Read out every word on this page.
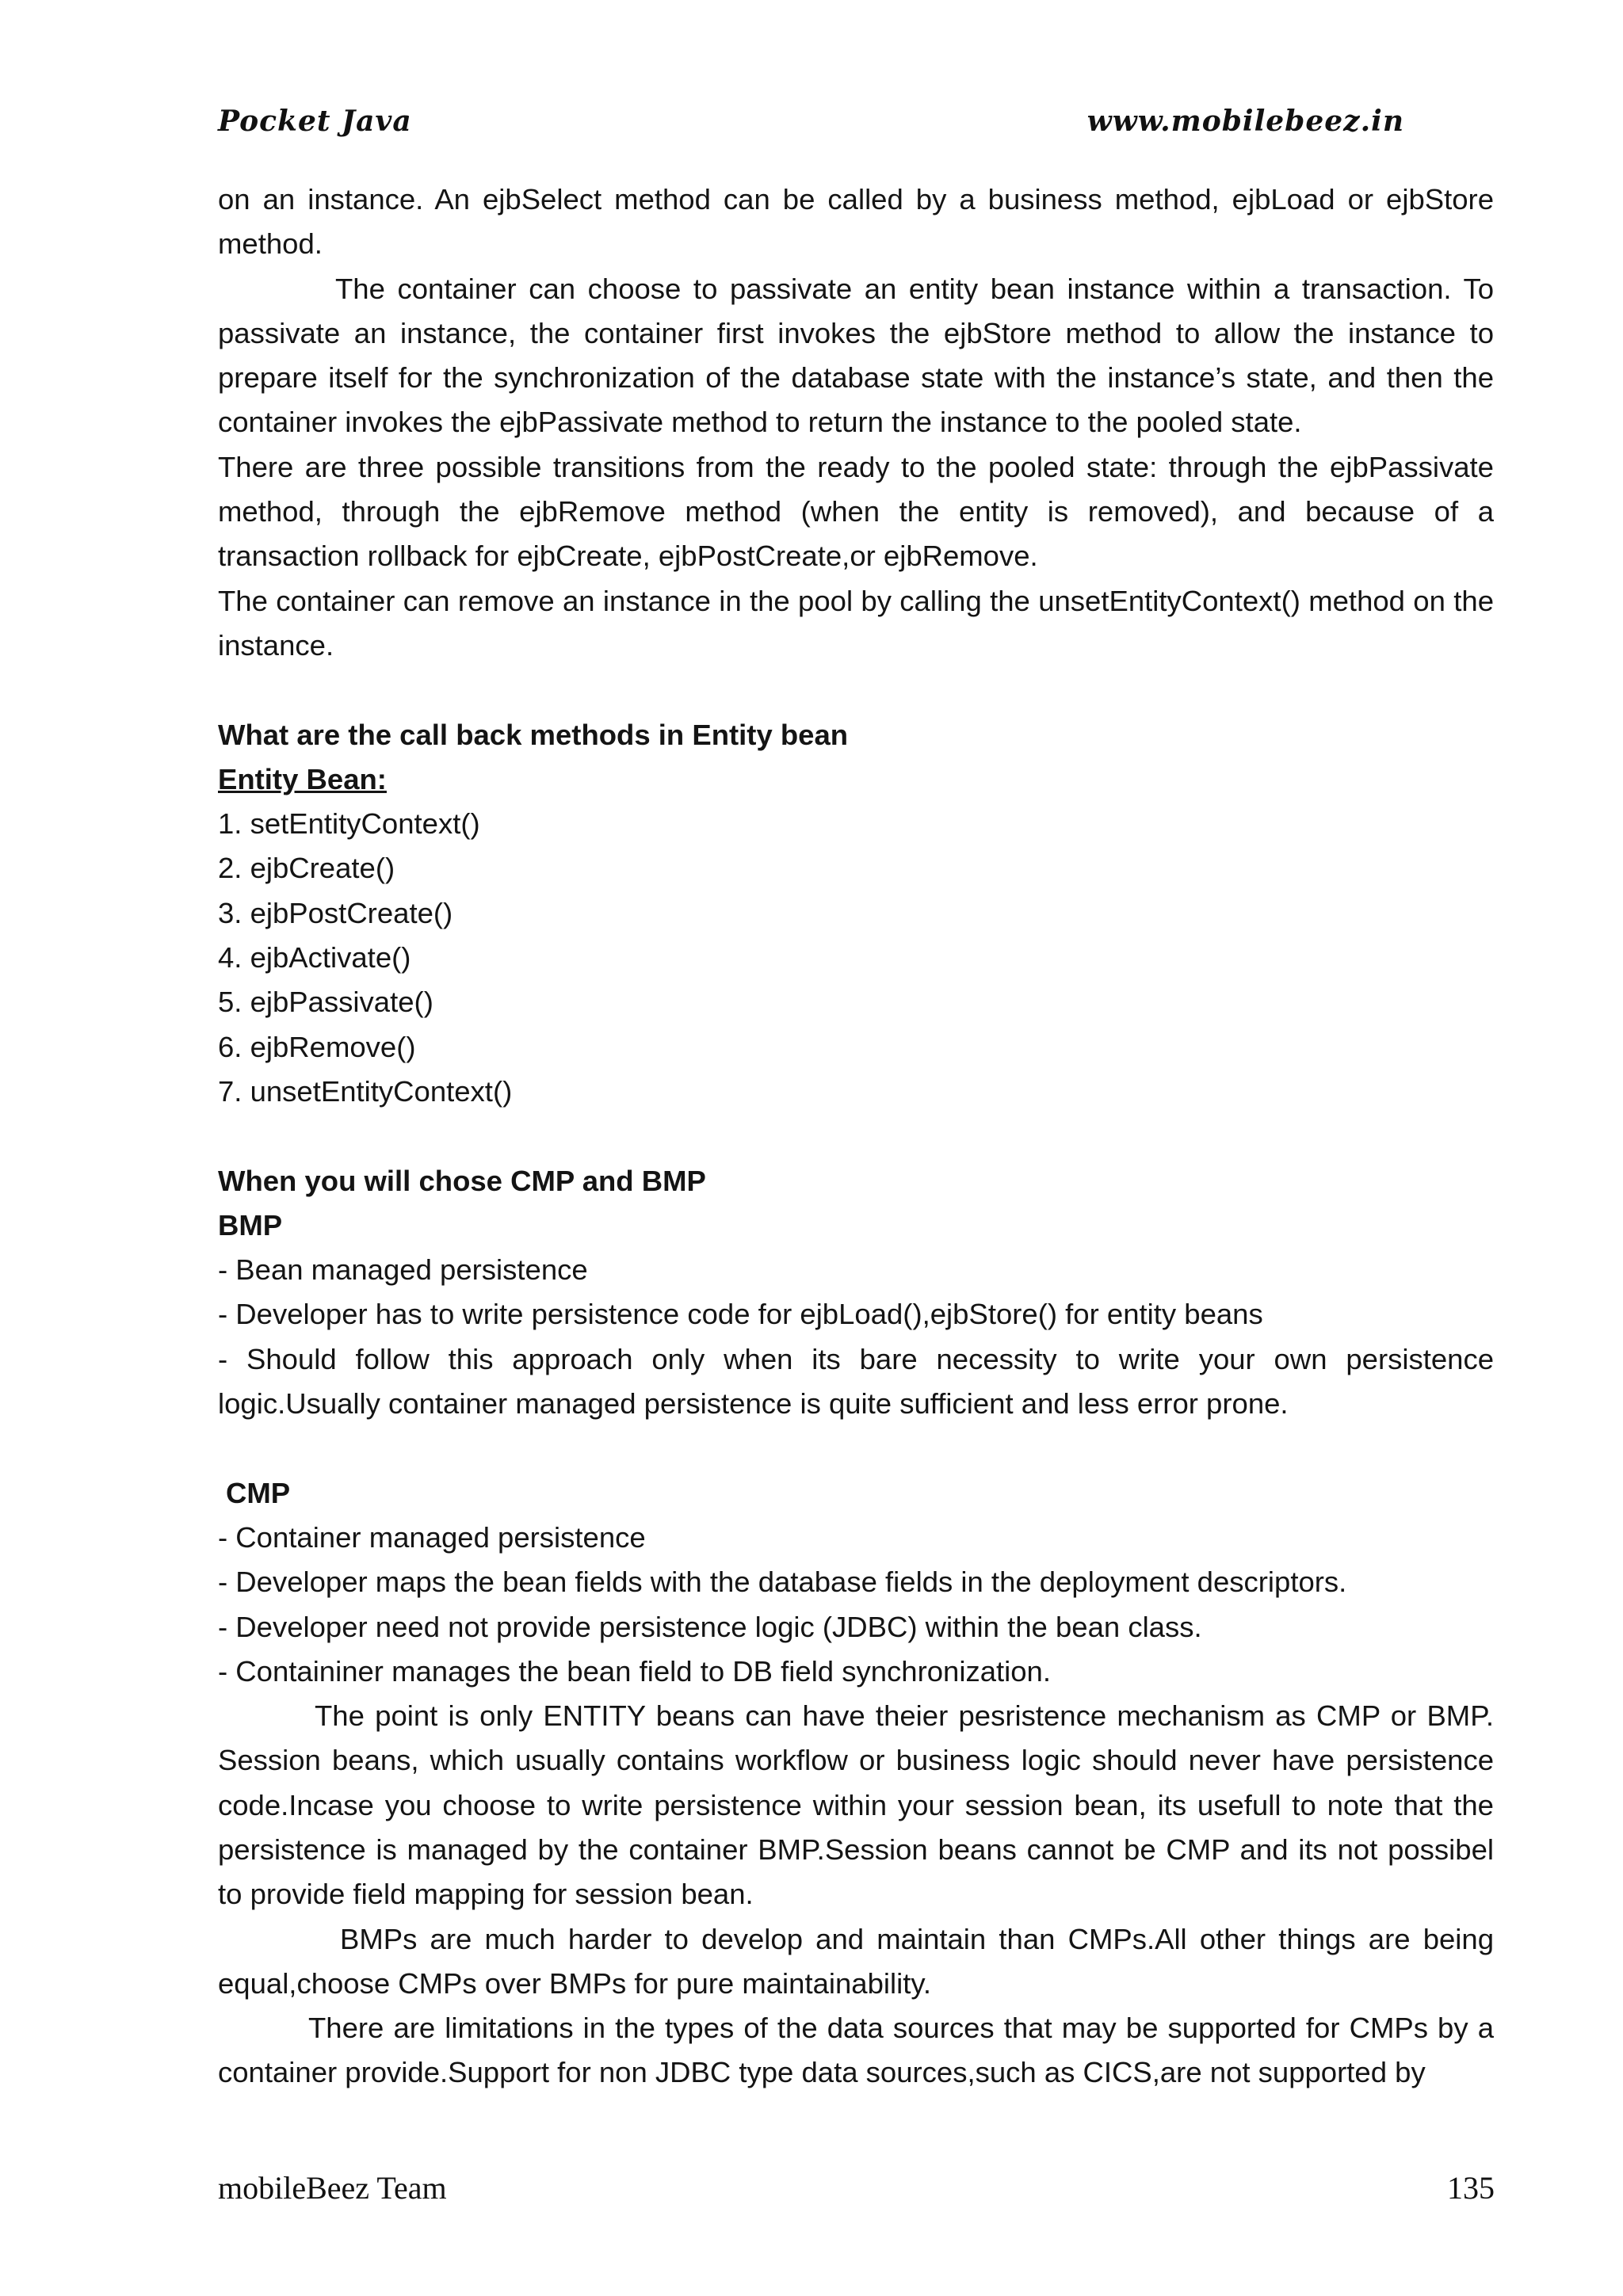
Pocket Java	www.mobilebeez.in

on an instance. An ejbSelect method can be called by a business method, ejbLoad or ejbStore method.

The container can choose to passivate an entity bean instance within a transaction. To passivate an instance, the container first invokes the ejbStore method to allow the instance to prepare itself for the synchronization of the database state with the instance’s state, and then the container invokes the ejbPassivate method to return the instance to the pooled state.

There are three possible transitions from the ready to the pooled state: through the ejbPassivate method, through the ejbRemove method (when the entity is removed), and because of a transaction rollback for ejbCreate, ejbPostCreate,or ejbRemove.

The container can remove an instance in the pool by calling the unsetEntityContext() method on the instance.

What are the call back methods in Entity bean

Entity Bean:

1. setEntityContext()

2. ejbCreate()

3. ejbPostCreate()

4. ejbActivate()

5. ejbPassivate()

6. ejbRemove()

7. unsetEntityContext()

When you will chose CMP and BMP

BMP

- Bean managed persistence

- Developer has to write persistence code for ejbLoad(),ejbStore() for entity beans

- Should follow this approach only when its bare necessity to write your own persistence logic.Usually container managed persistence is quite sufficient and less error prone.

CMP

- Container managed persistence

- Developer maps the bean fields with the database fields in the deployment descriptors.

- Developer need not provide persistence logic (JDBC) within the bean class.

- Containiner manages the bean field to DB field synchronization.

The point is only ENTITY beans can have theier pesristence mechanism as CMP or BMP. Session beans, which usually contains workflow or business logic should never have persistence code.Incase you choose to write persistence within your session bean, its usefull to note that the persistence is managed by the container BMP.Session beans cannot be CMP and its not possibel to provide field mapping for session bean.

BMPs are much harder to develop and maintain than CMPs.All other things are being equal,choose CMPs over BMPs for pure maintainability.

There are limitations in the types of the data sources that may be supported for CMPs by a container provide.Support for non JDBC type data sources,such as CICS,are not supported by

mobileBeez Team	135
